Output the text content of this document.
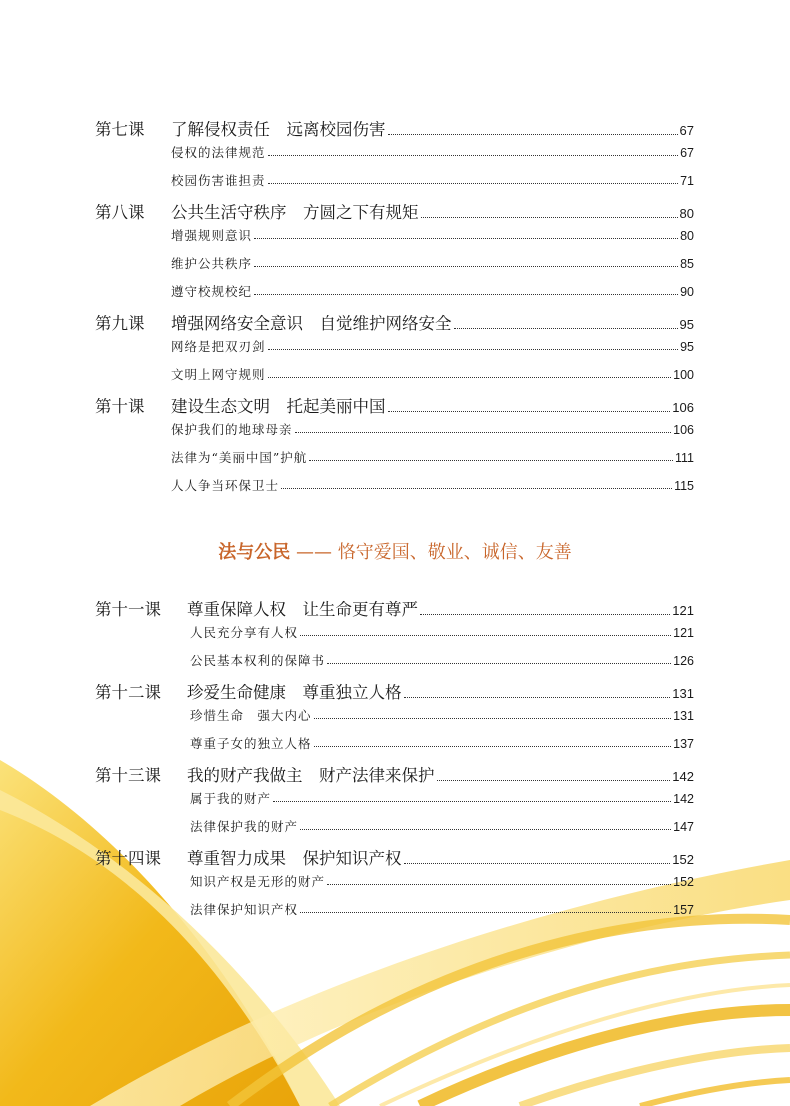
第七课 了解侵权责任　远离校园伤害	67
侵权的法律规范	67
校园伤害谁担责	71
第八课 公共生活守秩序　方圆之下有规矩	80
增强规则意识	80
维护公共秩序	85
遵守校规校纪	90
第九课 增强网络安全意识　自觉维护网络安全	95
网络是把双刃剑	95
文明上网守规则	100
第十课 建设生态文明　托起美丽中国	106
保护我们的地球母亲	106
法律为“美丽中国”护航	111
人人争当环保卫士	115
第十一课 尊重保障人权　让生命更有尊严	121
人民充分享有人权	121
公民基本权利的保障书	126
第十二课 珍爱生命健康　尊重独立人格	131
珍惜生命　强大内心	131
尊重子女的独立人格	137
第十三课 我的财产我做主　财产法律来保护	142
属于我的财产	142
法律保护我的财产	147
第十四课 尊重智力成果　保护知识产权	152
知识产权是无形的财产	152
法律保护知识产权	157
法与公民 —— 恪守爱国、敬业、诚信、友善
